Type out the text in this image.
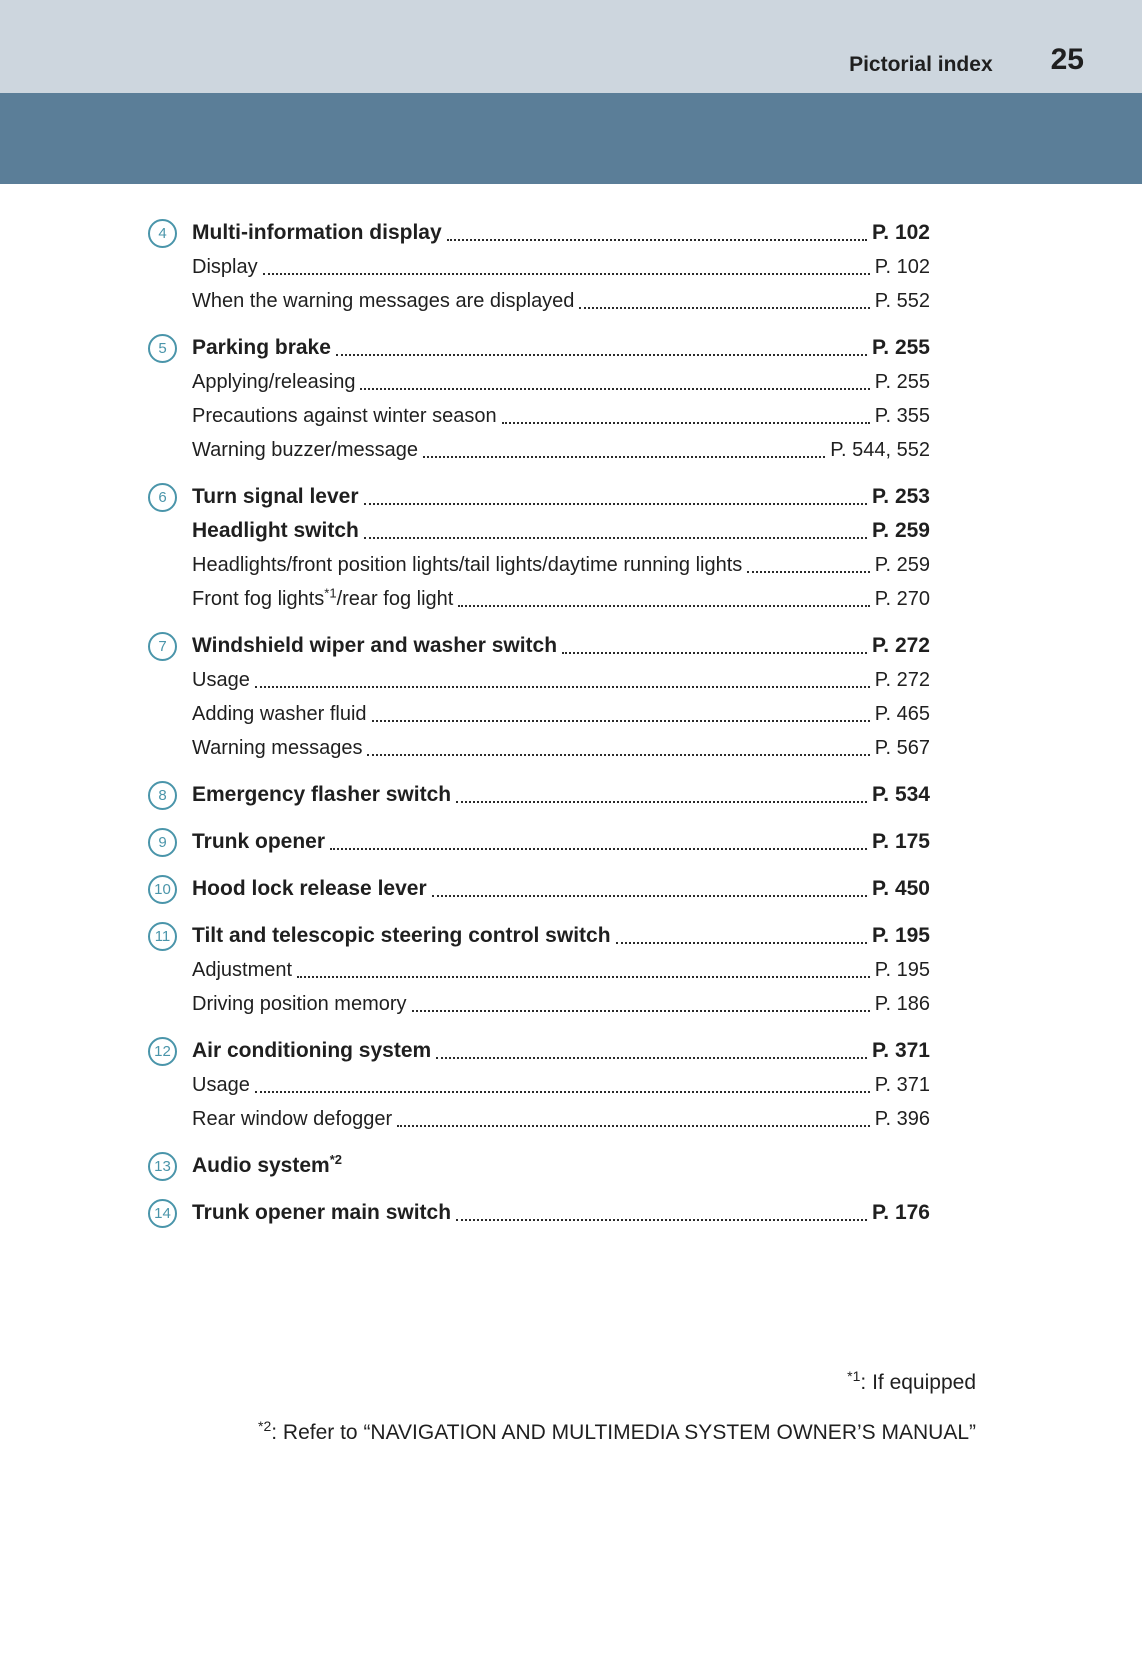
Pictorial index 25
4	Multi-information display	P. 102
Display	P. 102
When the warning messages are displayed	P. 552
5	Parking brake	P. 255
Applying/releasing	P. 255
Precautions against winter season	P. 355
Warning buzzer/message	P. 544, 552
6	Turn signal lever	P. 253
Headlight switch	P. 259
Headlights/front position lights/tail lights/daytime running lights	P. 259
Front fog lights$^{*1}$/rear fog light	P. 270
7	Windshield wiper and washer switch	P. 272
Usage	P. 272
Adding washer fluid	P. 465
Warning messages	P. 567
8	Emergency flasher switch	P. 534
9	Trunk opener	P. 175
10 Hood lock release lever	P. 450
11	Tilt and telescopic steering control switch	P. 195
Adjustment	P. 195
Driving position memory	P. 186
12 Air conditioning system	P. 371
Usage	P. 371
Rear window defogger	P. 396
13 Audio system$^{*2}$
14 Trunk opener main switch	P. 176
$^{*1}$: If equipped
$^{*2}$: Refer to “NAVIGATION AND MULTIMEDIA SYSTEM OWNER’S MANUAL”
